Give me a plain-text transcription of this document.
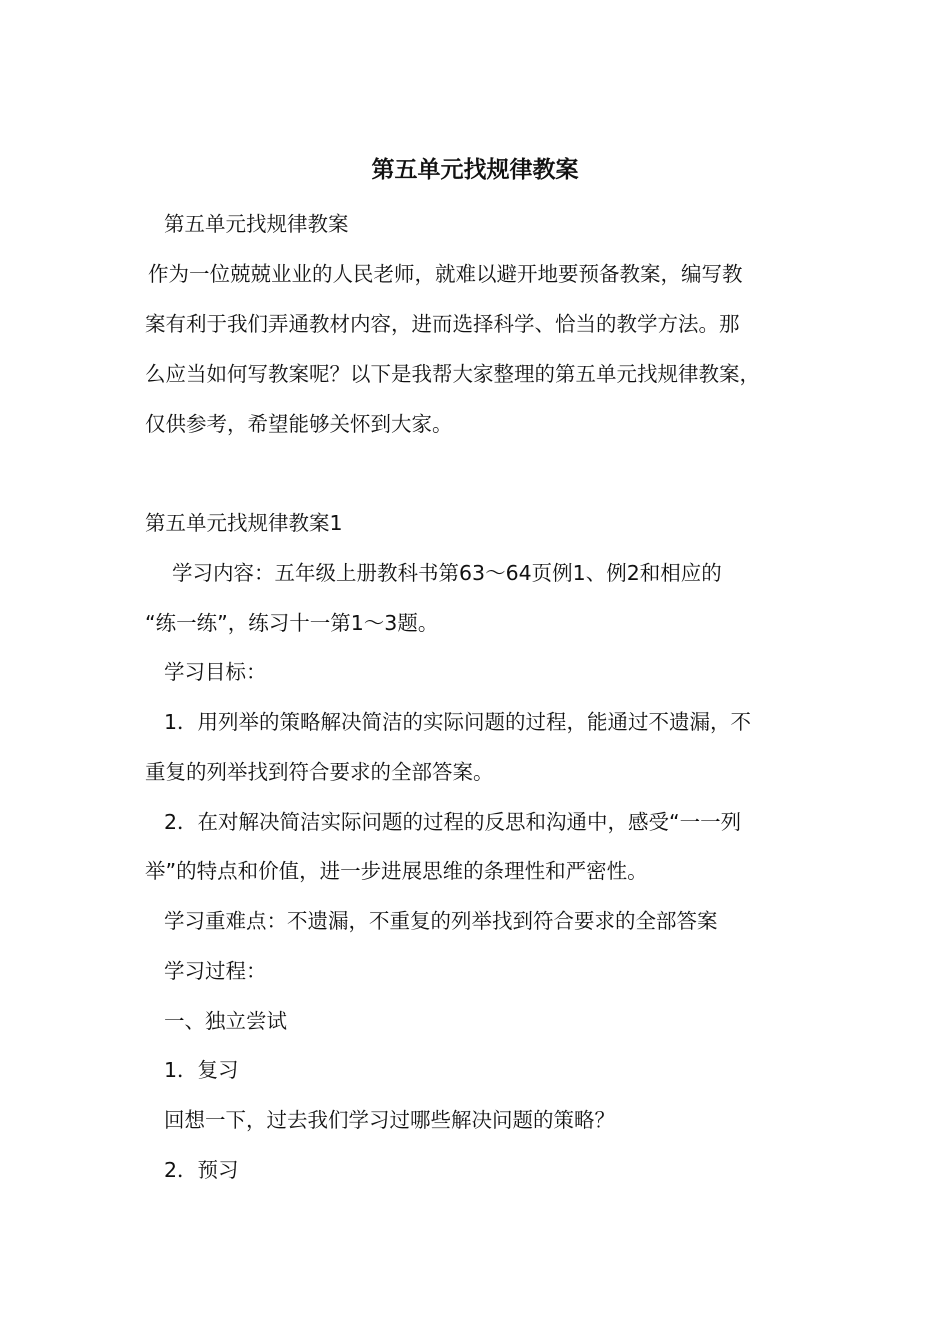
第五单元找规律教案
第五单元找规律教案
作为一位兢兢业业的人民老师，就难以避开地要预备教案，编写教
案有利于我们弄通教材内容，进而选择科学、恰当的教学方法。那
么应当如何写教案呢？以下是我帮大家整理的第五单元找规律教案，
仅供参考，希望能够关怀到大家。
第五单元找规律教案1
学习内容：五年级上册教科书第63～64页例1、例2和相应的
“练一练”，练习十一第1～3题。
学习目标：
1．用列举的策略解决简洁的实际问题的过程，能通过不遗漏，不
重复的列举找到符合要求的全部答案。
2．在对解决简洁实际问题的过程的反思和沟通中，感受“一一列
举”的特点和价值，进一步进展思维的条理性和严密性。
学习重难点：不遗漏，不重复的列举找到符合要求的全部答案
学习过程：
一、独立尝试
1．复习
回想一下，过去我们学习过哪些解决问题的策略？
2．预习
